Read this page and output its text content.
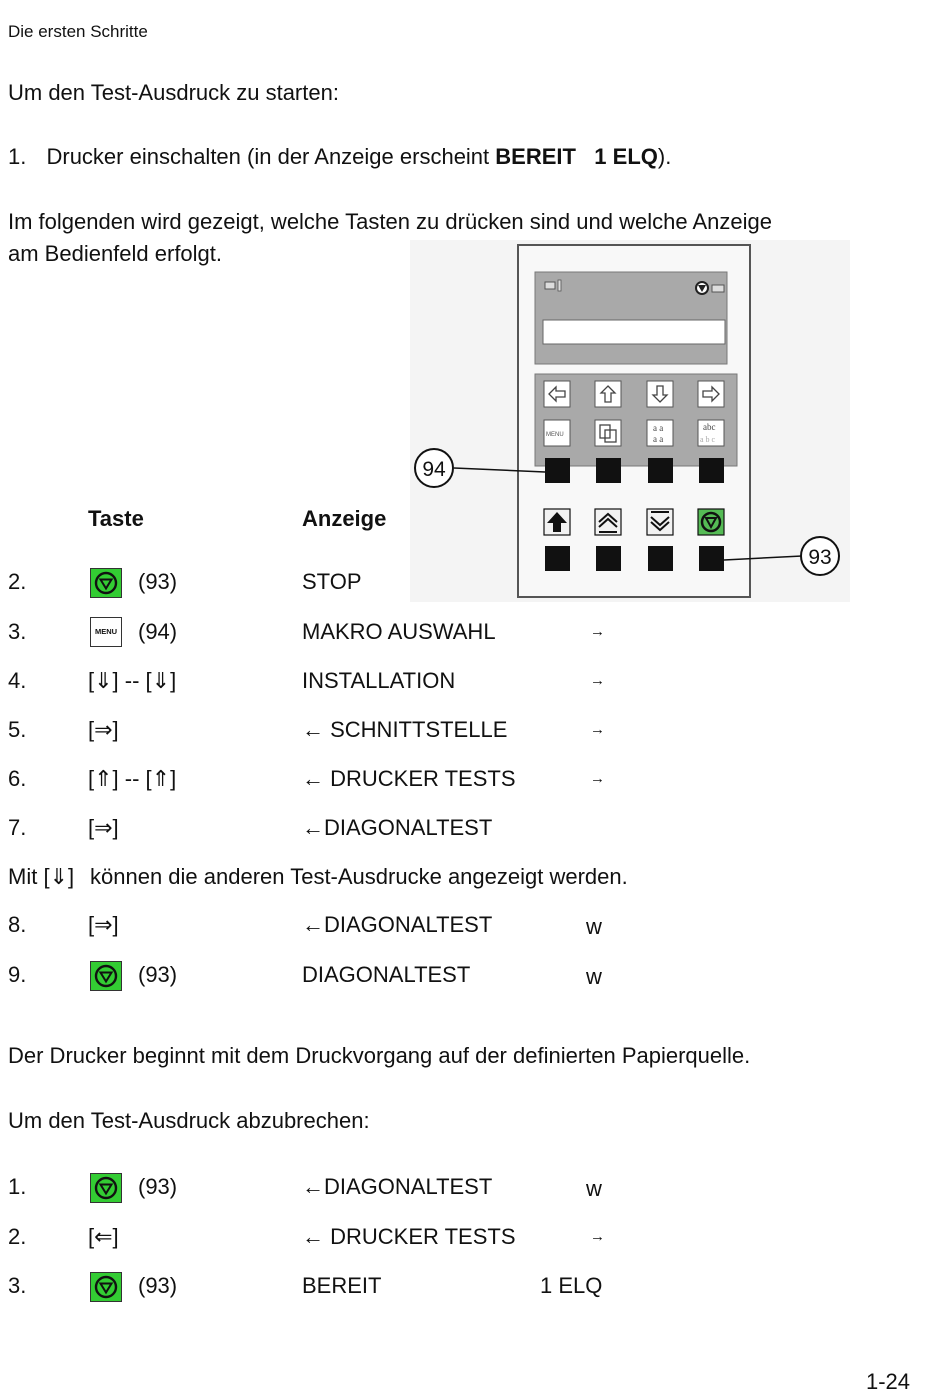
Die ersten Schritte
Um den Test-Ausdruck zu starten:
1. Drucker einschalten (in der Anzeige erscheint BEREIT   1 ELQ).
Im folgenden wird gezeigt, welche Tasten zu drücken sind und welche Anzeige
am Bedienfeld erfolgt.
MENU
a a
a a
abc
a b c
94
93
Taste	Anzeige
2.	(93)	STOP
3.	MENU (94)	MAKRO AUSWAHL	→
4.	[⇓] -- [⇓]	INSTALLATION	→
5.	[⇒]	← SCHNITTSTELLE	→
6.	[⇑] -- [⇑]	← DRUCKER TESTS	→
7.	[⇒]	←DIAGONALTEST
Mit [⇓] können die anderen Test-Ausdrucke angezeigt werden.
8.	[⇒]	←DIAGONALTEST	w
9.	(93)	DIAGONALTEST	w
Der Drucker beginnt mit dem Druckvorgang auf der definierten Papierquelle.
Um den Test-Ausdruck abzubrechen:
1.	(93)	←DIAGONALTEST	w
2.	[⇐]	← DRUCKER TESTS	→
3.	(93)	BEREIT	1 ELQ
1-24
